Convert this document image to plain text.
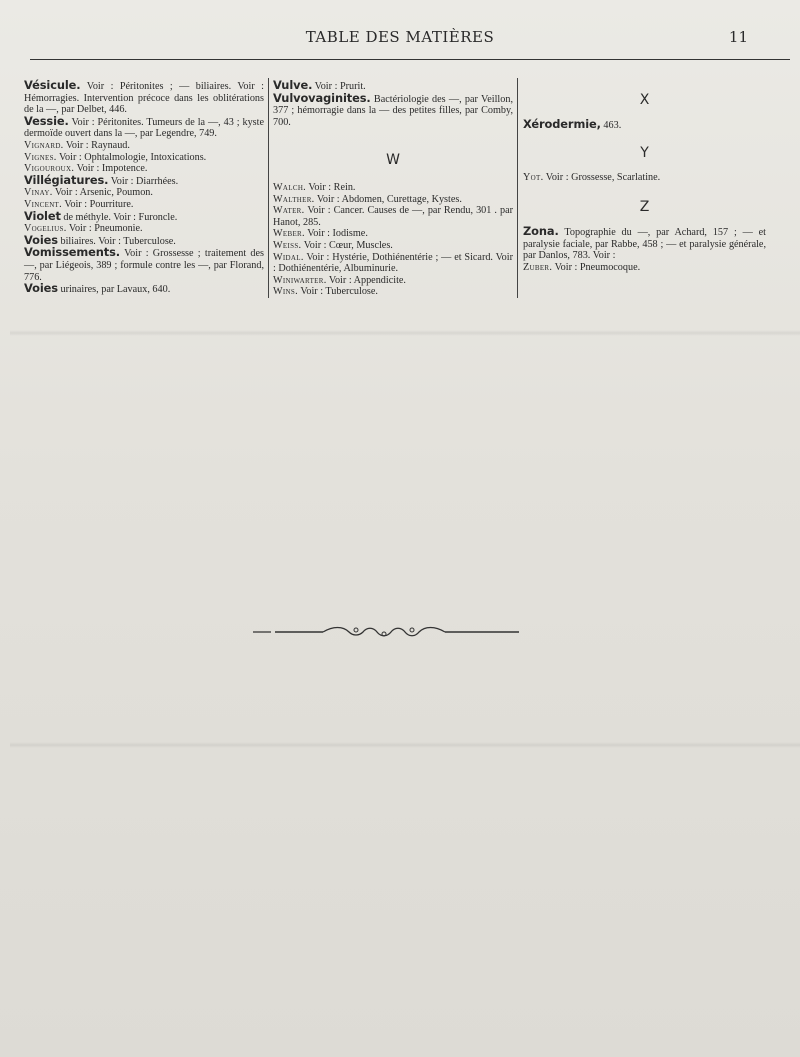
TABLE DES MATIÈRES	11
Vésicule. Voir : Péritonites ; — biliaires. Voir : Hémorragies. Intervention précoce dans les oblitérations de la —, par Delbet, 446.
Vessie. Voir : Péritonites. Tumeurs de la —, 43 ; kyste dermoïde ouvert dans la —, par Legendre, 749.
Vignard. Voir : Raynaud.
Vignes. Voir : Ophtalmologie, Intoxications.
Vigouroux. Voir : Impotence.
Villégiatures. Voir : Diarrhées.
Vinay. Voir : Arsenic, Poumon.
Vincent. Voir : Pourriture.
Violet de méthyle. Voir : Furoncle.
Vogelius. Voir : Pneumonie.
Voies biliaires. Voir : Tuberculose.
Vomissements. Voir : Grossesse ; traitement des —, par Liégeois, 389 ; formule contre les —, par Florand, 776.
Voies urinaires, par Lavaux, 640.
Vulve. Voir : Prurit.
Vulvovaginites. Bactériologie des —, par Veillon, 377 ; hémorragie dans la — des petites filles, par Comby, 700.
W
Walch. Voir : Rein.
Walther. Voir : Abdomen, Curettage, Kystes.
Water. Voir : Cancer. Causes de —, par Rendu, 301 . par Hanot, 285.
Weber. Voir : Iodisme.
Weiss. Voir : Cœur, Muscles.
Widal. Voir : Hystérie, Dothiénentérie ; — et Sicard. Voir : Dothiénentérie, Albuminurie.
Winiwarter. Voir : Appendicite.
Wins. Voir : Tuberculose.
X
Xérodermie, 463.
Y
Yot. Voir : Grossesse, Scarlatine.
Z
Zona. Topographie du —, par Achard, 157 ; — et paralysie faciale, par Rabbe, 458 ; — et paralysie générale, par Danlos, 783. Voir :
Zuber. Voir : Pneumocoque.
